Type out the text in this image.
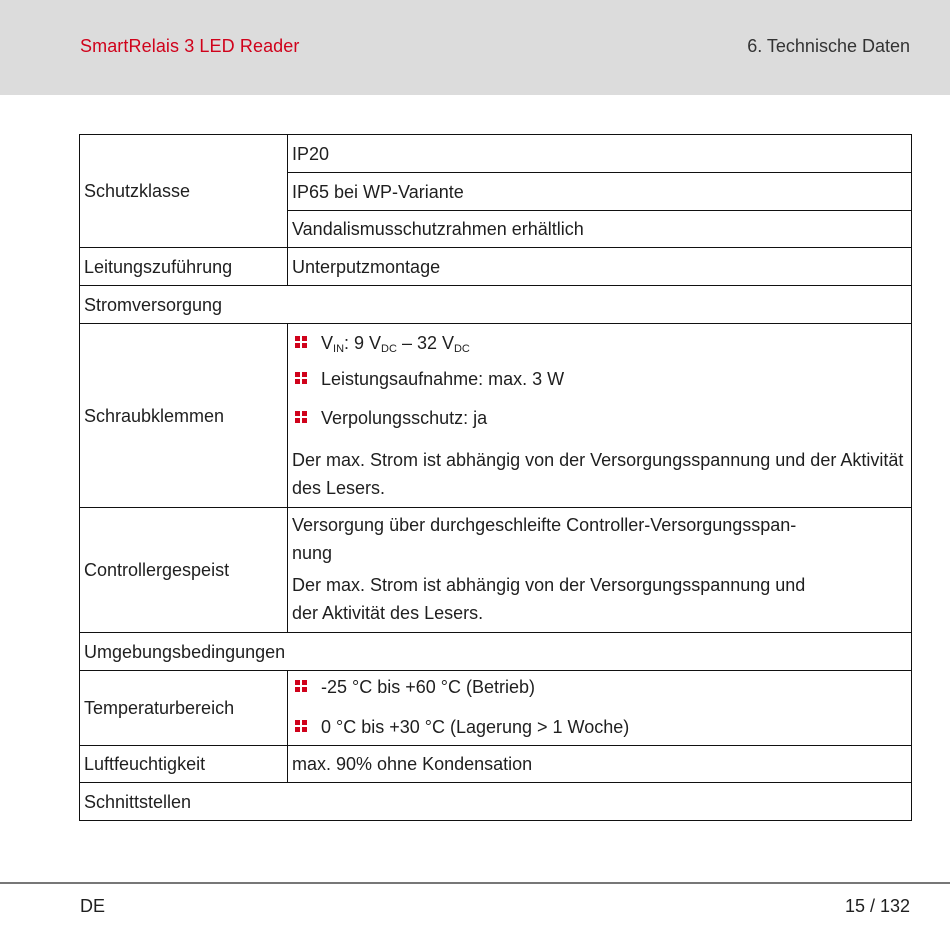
SmartRelais 3 LED Reader	6. Technische Daten
Schutzklasse	IP20
	IP65 bei WP-Variante
	Vandalismusschutzrahmen erhältlich
Leitungszuführung	Unterputzmontage
Stromversorgung	
Schraubklemmen	$V_{IN}$: 9 $V_{DC} - 32$ $V_{DC}$
Leistungsaufnahme: max. 3 W
Verpolungsschutz: ja
Der max. Strom ist abhängig von der Versorgungsspannung und der Aktivität des Lesers.

Controllergespeist	Versorgung über durchgeschleifte Controller-Versorgungsspan-
nung
Der max. Strom ist abhängig von der Versorgungsspannung und
der Aktivität des Lesers.

Umgebungsbedingungen	
Temperaturbereich	-25 °C bis +60 °C (Betrieb)
0 °C bis +30 °C (Lagerung > 1 Woche)

Luftfeuchtigkeit	max. 90% ohne Kondensation
Schnittstellen	
DE	15 / 132
